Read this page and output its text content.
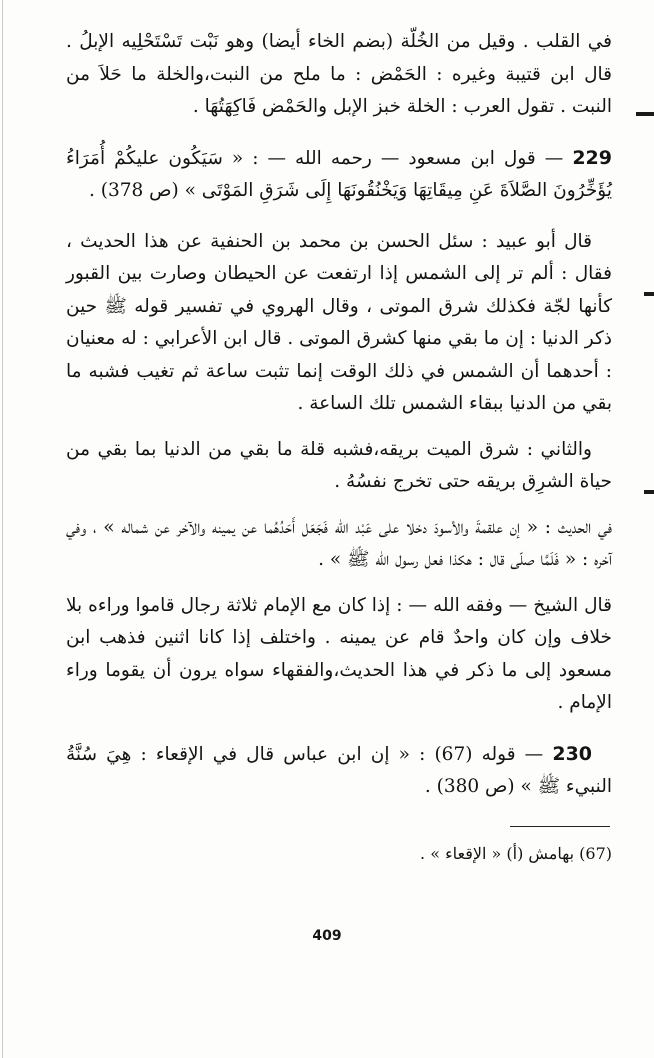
في القلب . وقيل من الخُلّة (بضم الخاء أيضا) وهو نَبْت تَسْتَحْلِيه الإبلُ . قال ابن قتيبة وغيره : الحَمْض : ما ملح من النبت،والخلة ما حَلاَ من النبت . تقول العرب : الخلة خبز الإبل والحَمْض فَاكِهَتُهَا .

229 — قول ابن مسعود — رحمه الله — : « سَيَكُون عليكُمْ أُمَرَاءُ يُؤَخِّرُونَ الصَّلاَةَ عَنِ مِيقَاتِهَا وَيَخْنُقُونَهَا إِلَى شَرَقِ المَوْتَى » (ص 378) .

قال أبو عبيد : سئل الحسن بن محمد بن الحنفية عن هذا الحديث ، فقال : ألم تر إلى الشمس إذا ارتفعت عن الحيطان وصارت بين القبور كأنها لجّة فكذلك شرق الموتى ، وقال الهروي في تفسير قوله ﷺ حين ذكر الدنيا : إن ما بقي منها كشرق الموتى . قال ابن الأعرابي : له معنيان : أحدهما أن الشمس في ذلك الوقت إنما تثبت ساعة ثم تغيب فشبه ما بقي من الدنيا ببقاء الشمس تلك الساعة .

والثاني : شرق الميت بريقه،فشبه قلة ما بقي من الدنيا بما بقي من حياة الشرِق بريقه حتى تخرج نفسُهُ .

في الحديث : « إن علقمةَ والأسودَ دخلا على عَبْد الله فَجَعَل أَحَدُهُما عن يمينه والآخر عن شماله » ، وفي آخره : « فَلَمَّا صلّى قال : هكذا فعل رسول الله ﷺ » .

قال الشيخ — وفقه الله — : إذا كان مع الإمام ثلاثة رجال قاموا وراءه بلا خلاف وإن كان واحدٌ قام عن يمينه . واختلف إذا كانا اثنين فذهب ابن مسعود إلى ما ذكر في هذا الحديث،والفقهاء سواه يرون أن يقوما وراء الإمام .

230 — قوله (67) : « إن ابن عباس قال في الإقعاء : هِيَ سُنَّةُ النبيء ﷺ » (ص 380) .

(67) بهامش (أ) « الإقعاء » .
409
